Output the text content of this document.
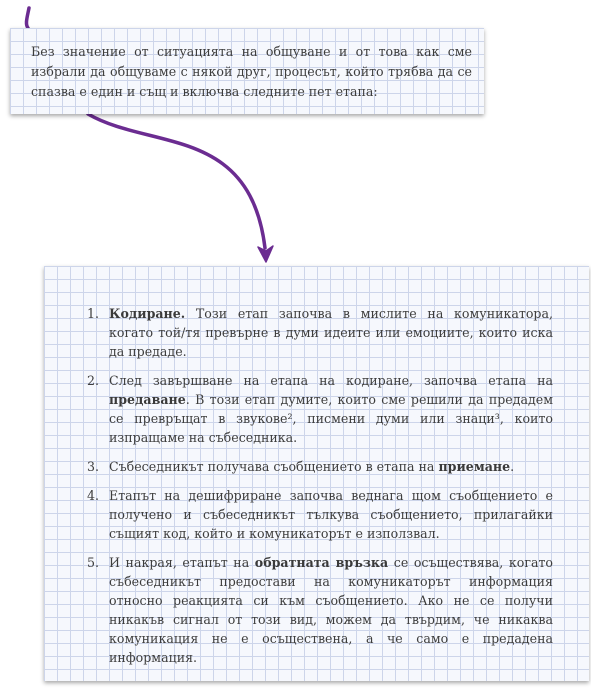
Без значение от ситуацията на общуване и от това как сме избрали да общуваме с някой друг, процесът, който трябва да се спазва е един и същ и включва следните пет етапа:

1. Кодиране. Този етап започва в мислите на комуникатора, когато той/тя превърне в думи идеите или емоциите, които иска да предаде.
2. След завършване на етапа на кодиране, започва етапа на предаване. В този етап думите, които сме решили да предадем се превръщат в звукове², писмени думи или знаци³, които изпращаме на събеседника.
3. Събеседникът получава съобщението в етапа на приемане.
4. Етапът на дешифриране започва веднага щом съобщението е получено и събеседникът тълкува съобщението, прилагайки същият код, който и комуникаторът е използвал.
5. И накрая, етапът на обратната връзка се осъществява, когато събеседникът предостави на комуникаторът информация относно реакцията си към съобщението. Ако не се получи никакъв сигнал от този вид, можем да твърдим, че никаква комуникация не е осъществена, а че само е предадена информация.
